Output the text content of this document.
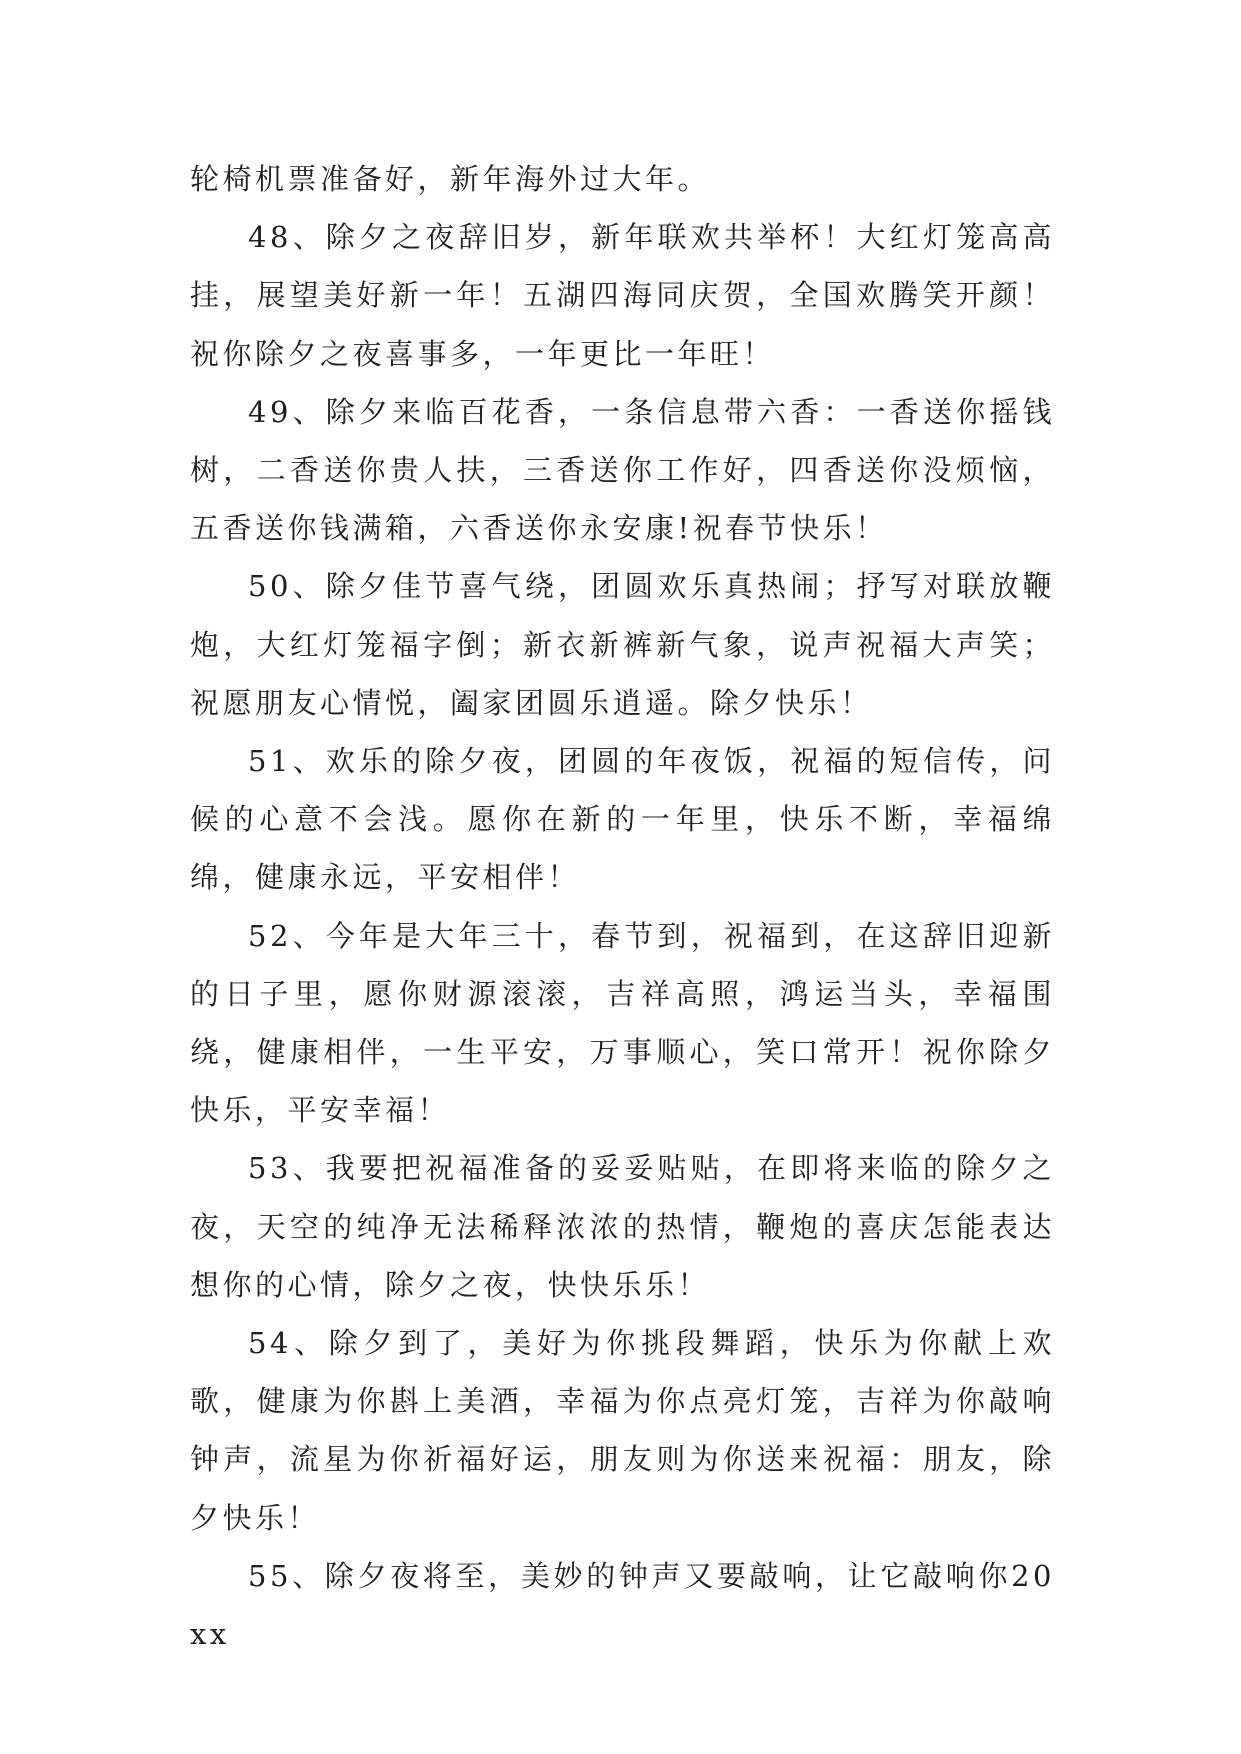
轮椅机票准备好，新年海外过大年。

48、除夕之夜辞旧岁，新年联欢共举杯！大红灯笼高高挂，展望美好新一年！五湖四海同庆贺，全国欢腾笑开颜！祝你除夕之夜喜事多，一年更比一年旺！

49、除夕来临百花香，一条信息带六香：一香送你摇钱树，二香送你贵人扶，三香送你工作好，四香送你没烦恼，五香送你钱满箱，六香送你永安康!祝春节快乐！

50、除夕佳节喜气绕，团圆欢乐真热闹；抒写对联放鞭炮，大红灯笼福字倒；新衣新裤新气象，说声祝福大声笑；祝愿朋友心情悦，阖家团圆乐逍遥。除夕快乐！

51、欢乐的除夕夜，团圆的年夜饭，祝福的短信传，问候的心意不会浅。愿你在新的一年里，快乐不断，幸福绵绵，健康永远，平安相伴！

52、今年是大年三十，春节到，祝福到，在这辞旧迎新的日子里，愿你财源滚滚，吉祥高照，鸿运当头，幸福围绕，健康相伴，一生平安，万事顺心，笑口常开！祝你除夕快乐，平安幸福！

53、我要把祝福准备的妥妥贴贴，在即将来临的除夕之夜，天空的纯净无法稀释浓浓的热情，鞭炮的喜庆怎能表达想你的心情，除夕之夜，快快乐乐！

54、除夕到了，美好为你挑段舞蹈，快乐为你献上欢歌，健康为你斟上美酒，幸福为你点亮灯笼，吉祥为你敲响钟声，流星为你祈福好运，朋友则为你送来祝福：朋友，除夕快乐！

55、除夕夜将至，美妙的钟声又要敲响，让它敲响你20xx
